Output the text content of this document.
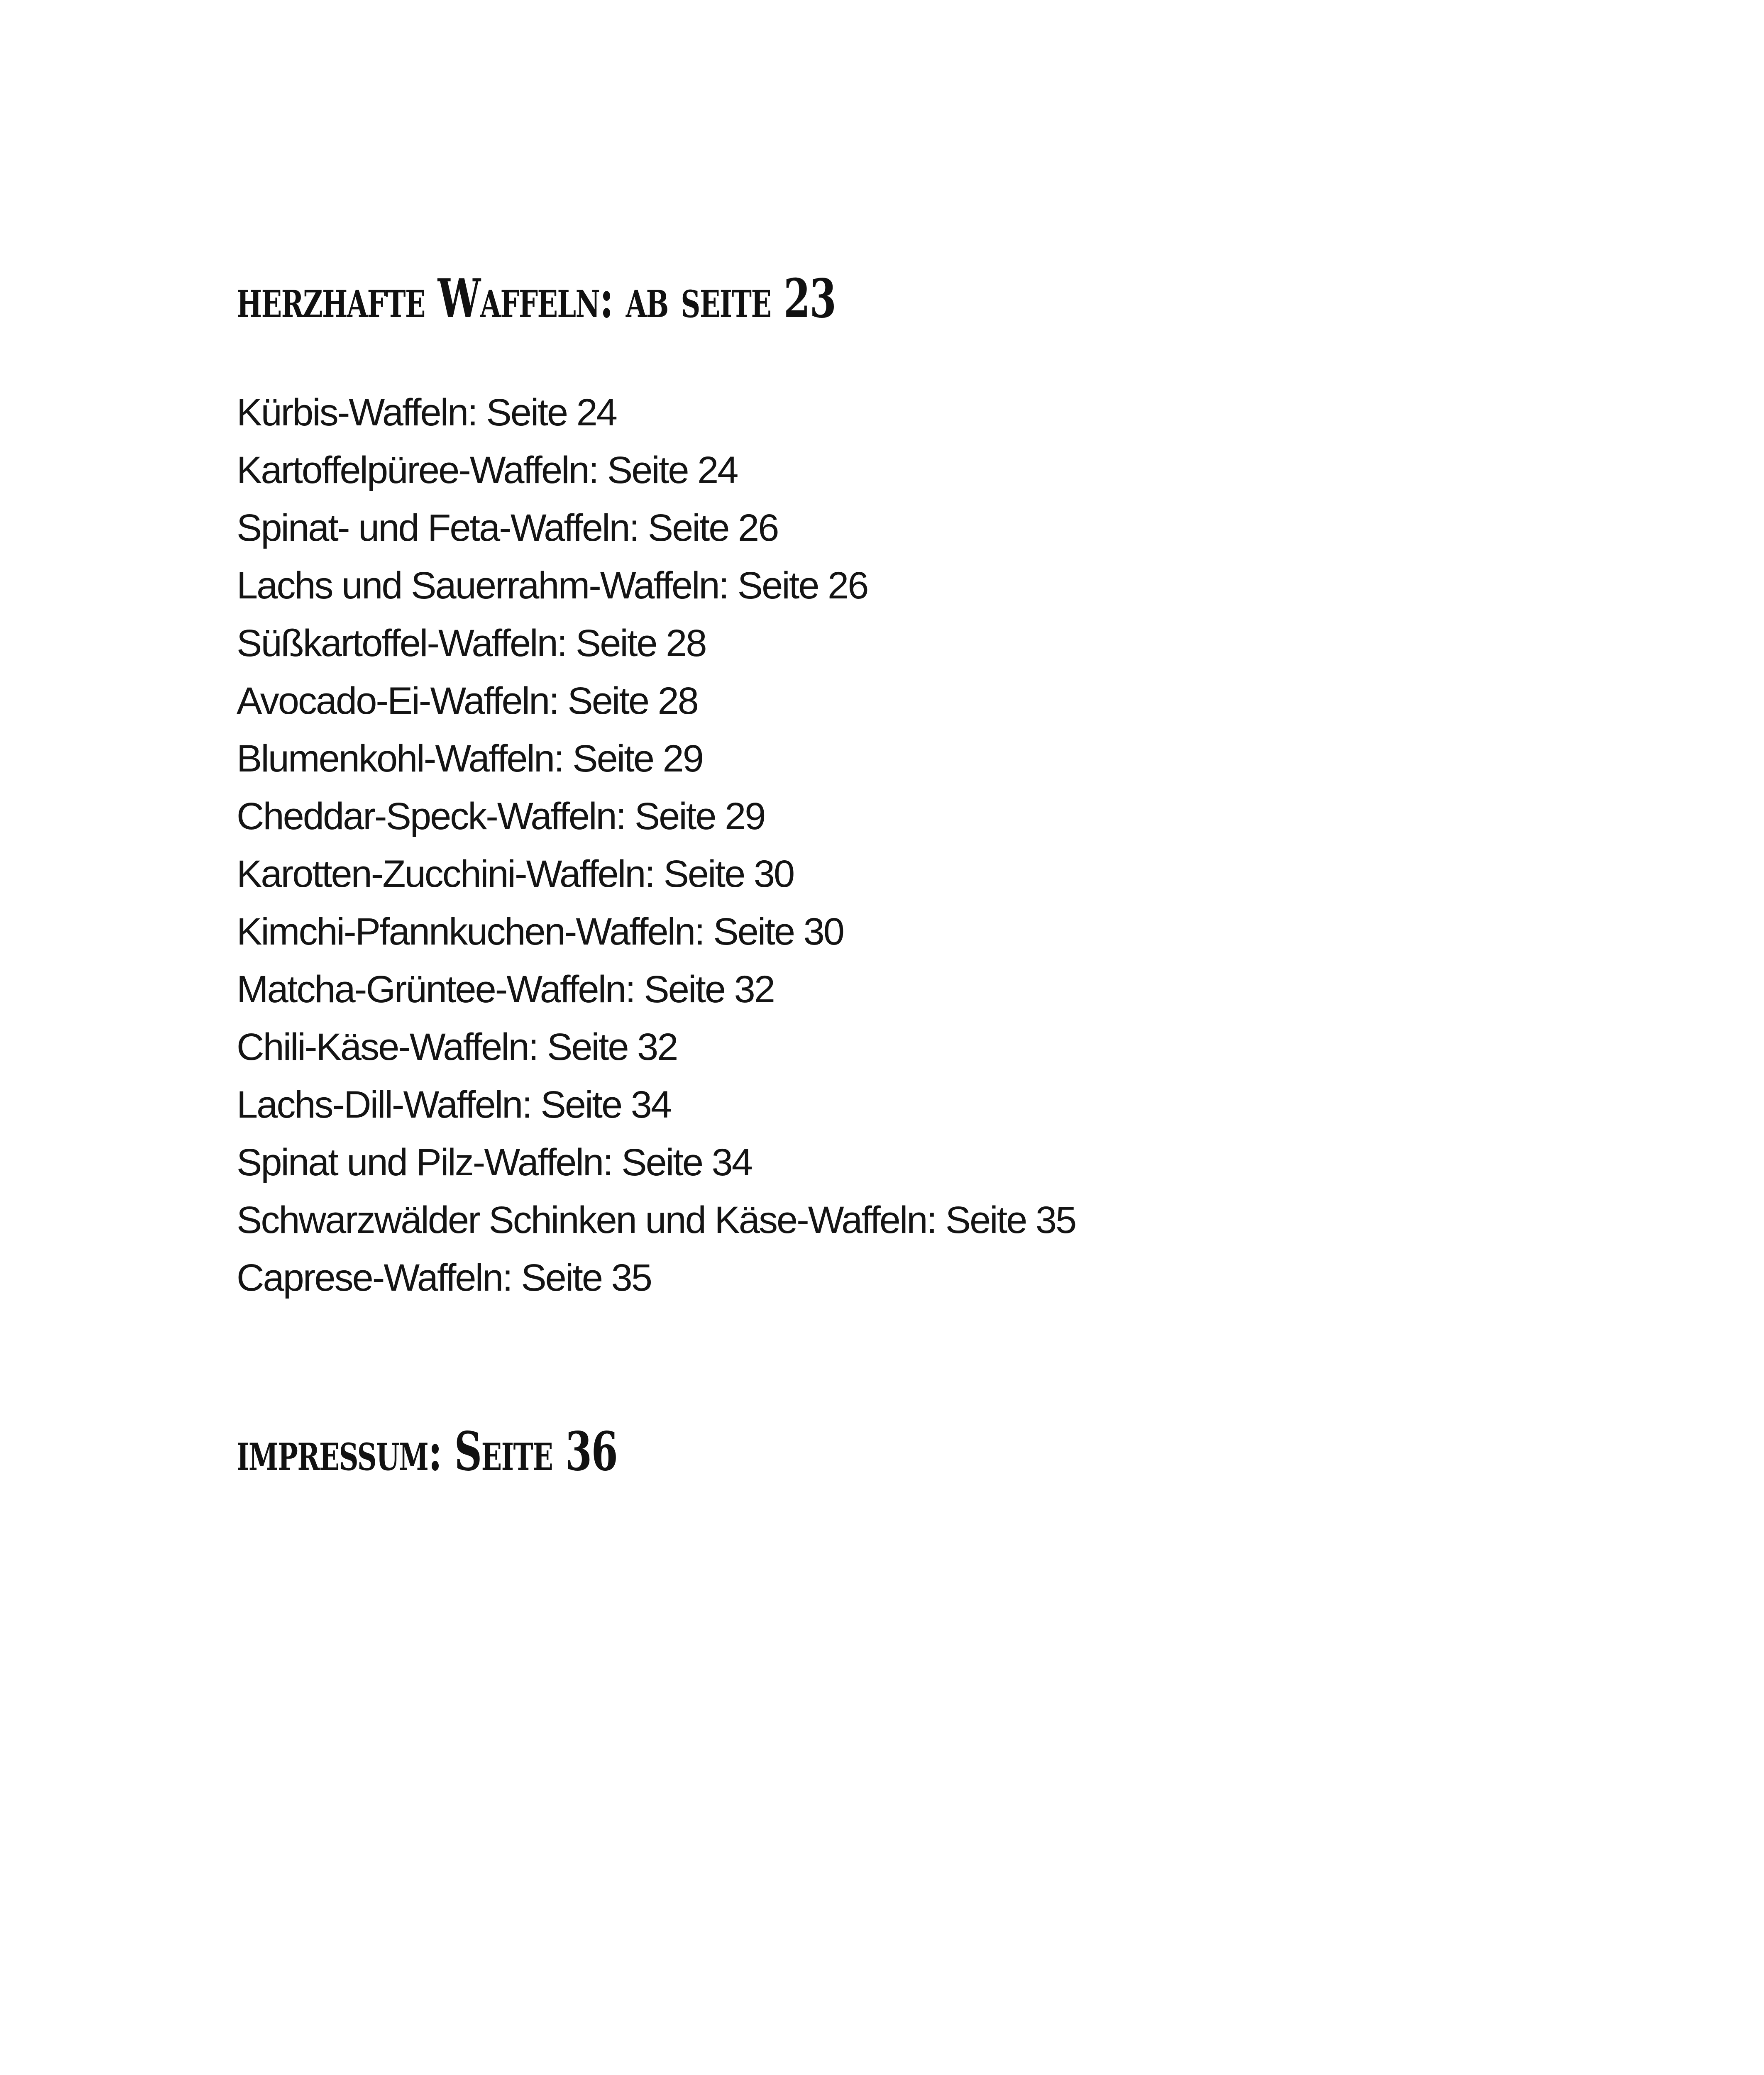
herzhafte Waffeln: ab seite 23
Kürbis-Waffeln: Seite 24
Kartoffelpüree-Waffeln: Seite 24
Spinat- und Feta-Waffeln: Seite 26
Lachs und Sauerrahm-Waffeln: Seite 26
Süßkartoffel-Waffeln: Seite 28
Avocado-Ei-Waffeln: Seite 28
Blumenkohl-Waffeln: Seite 29
Cheddar-Speck-Waffeln: Seite 29
Karotten-Zucchini-Waffeln: Seite 30
Kimchi-Pfannkuchen-Waffeln: Seite 30
Matcha-Grüntee-Waffeln: Seite 32
Chili-Käse-Waffeln: Seite 32
Lachs-Dill-Waffeln: Seite 34
Spinat und Pilz-Waffeln: Seite 34
Schwarzwälder Schinken und Käse-Waffeln: Seite 35
Caprese-Waffeln: Seite 35
impressum: Seite 36
